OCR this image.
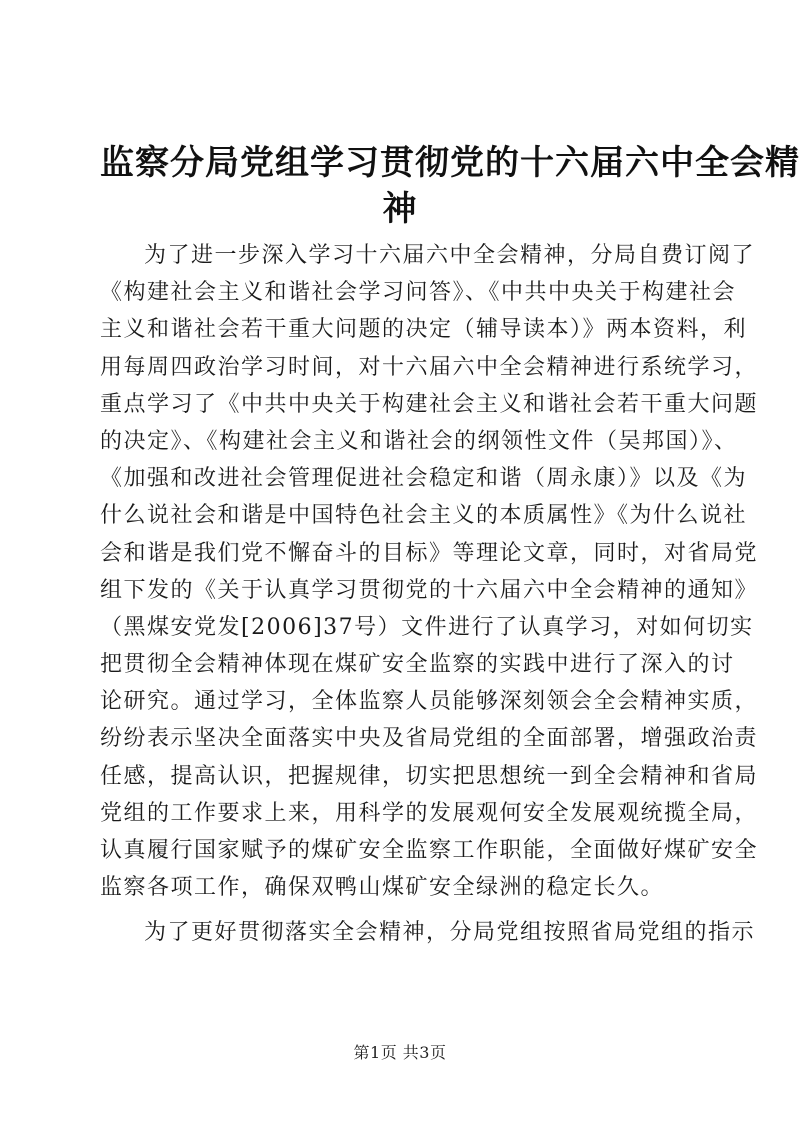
监察分局党组学习贯彻党的十六届六中全会精
神
为了进一步深入学习十六届六中全会精神，分局自费订阅了
《构建社会主义和谐社会学习问答》、《中共中央关于构建社会
主义和谐社会若干重大问题的决定（辅导读本）》两本资料，利
用每周四政治学习时间，对十六届六中全会精神进行系统学习，
重点学习了《中共中央关于构建社会主义和谐社会若干重大问题
的决定》、《构建社会主义和谐社会的纲领性文件（吴邦国）》、
《加强和改进社会管理促进社会稳定和谐（周永康）》以及《为
什么说社会和谐是中国特色社会主义的本质属性》《为什么说社
会和谐是我们党不懈奋斗的目标》等理论文章，同时，对省局党
组下发的《关于认真学习贯彻党的十六届六中全会精神的通知》
（黑煤安党发[2006]37号）文件进行了认真学习，对如何切实
把贯彻全会精神体现在煤矿安全监察的实践中进行了深入的讨
论研究。通过学习，全体监察人员能够深刻领会全会精神实质，
纷纷表示坚决全面落实中央及省局党组的全面部署，增强政治责
任感，提高认识，把握规律，切实把思想统一到全会精神和省局
党组的工作要求上来，用科学的发展观何安全发展观统揽全局，
认真履行国家赋予的煤矿安全监察工作职能，全面做好煤矿安全
监察各项工作，确保双鸭山煤矿安全绿洲的稳定长久。
为了更好贯彻落实全会精神，分局党组按照省局党组的指示
第1页 共3页
